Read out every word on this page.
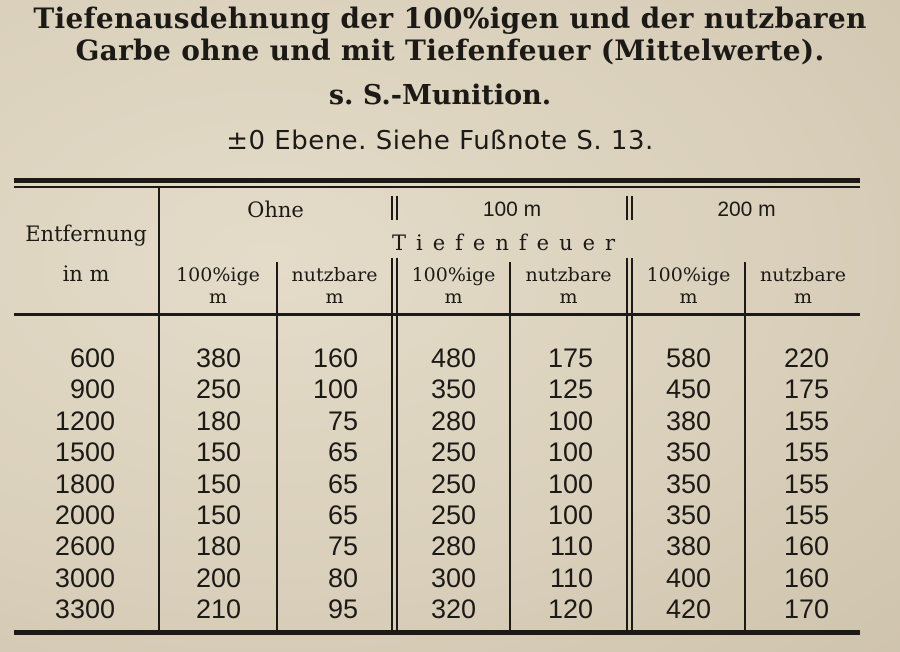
Tiefenausdehnung der 100%igen und der nutzbaren
Garbe ohne und mit Tiefenfeuer (Mittelwerte).
s. S.-Munition.
±0 Ebene. Siehe Fußnote S. 13.
Entfernung
in m
Ohne	100 m	200 m
Tiefenfeuer
100%ige
m
nutzbare
m
100%ige
m
nutzbare
m
100%ige
m
nutzbare
m
600
900
1200
1500
1800
2000
2600
3000
3300
380
250
180
150
150
150
180
200
210
160
100
75
65
65
65
75
80
95
480
350
280
250
250
250
280
300
320
175
125
100
100
100
100
110
110
120
580
450
380
350
350
350
380
400
420
220
175
155
155
155
155
160
160
170
